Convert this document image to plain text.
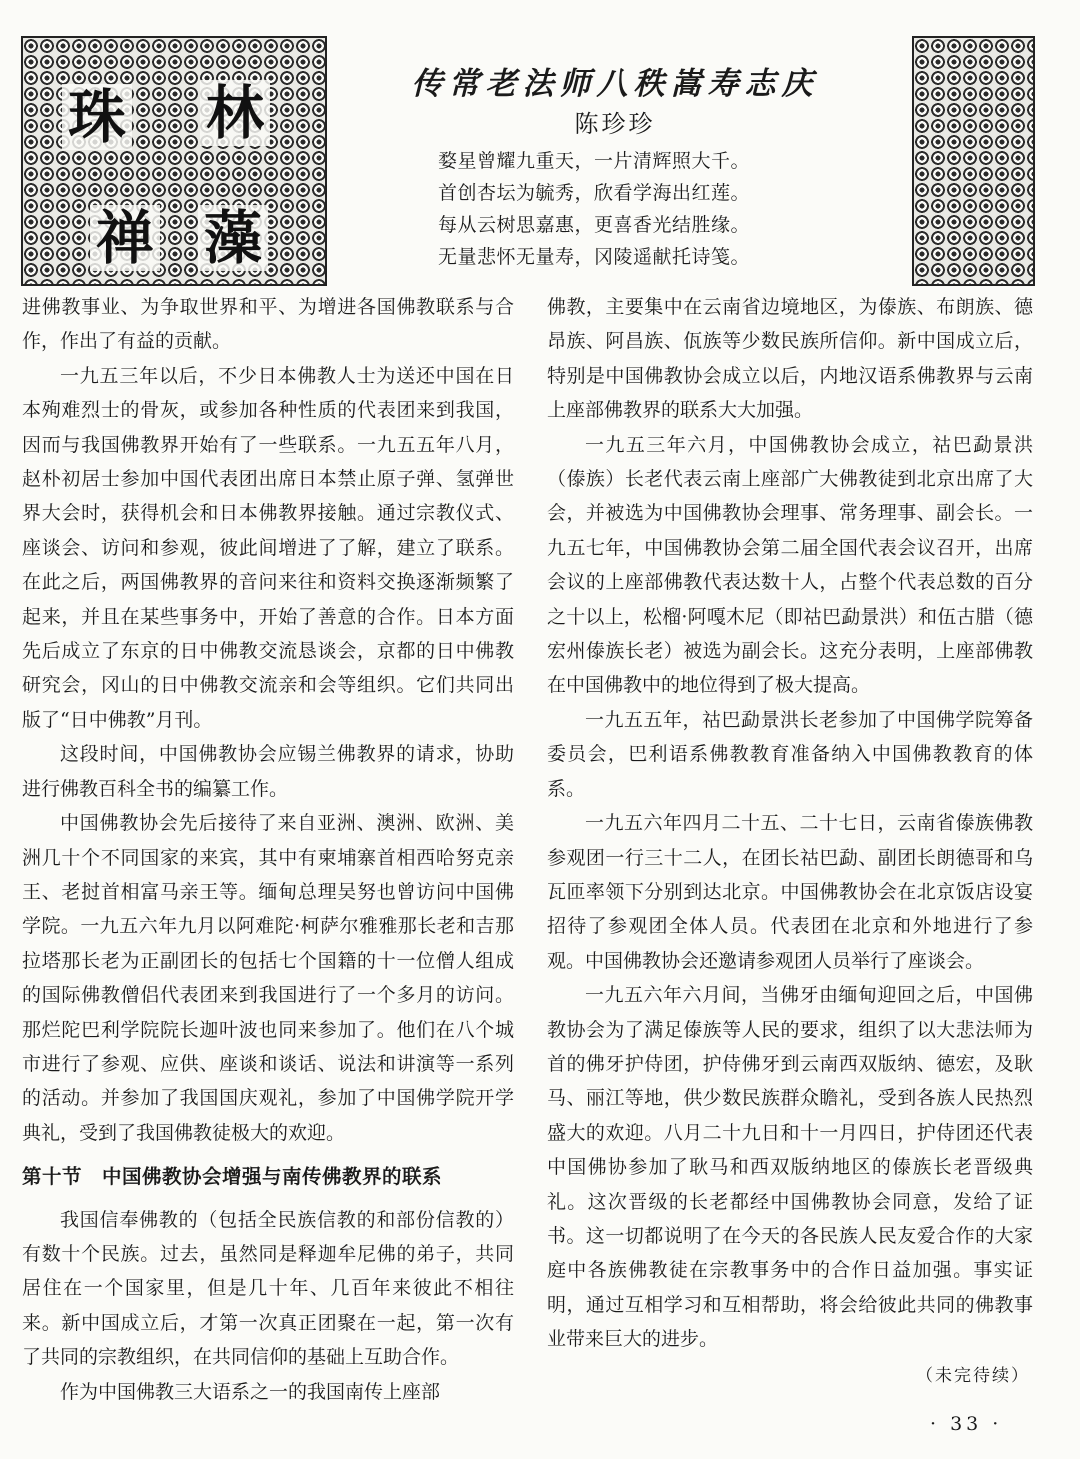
珠 林
禅 藻
传常老法师八秩嵩寿志庆
陈珍珍
婺星曾耀九重天，一片清辉照大千。
首创杏坛为毓秀，欣看学海出红莲。
每从云树思嘉惠，更喜香光结胜缘。
无量悲怀无量寿，冈陵遥献托诗笺。

进佛教事业、为争取世界和平、为增进各国佛教联系与合作，作出了有益的贡献。

一九五三年以后，不少日本佛教人士为送还中国在日本殉难烈士的骨灰，或参加各种性质的代表团来到我国，因而与我国佛教界开始有了一些联系。一九五五年八月，赵朴初居士参加中国代表团出席日本禁止原子弹、氢弹世界大会时，获得机会和日本佛教界接触。通过宗教仪式、座谈会、访问和参观，彼此间增进了了解，建立了联系。在此之后，两国佛教界的音问来往和资料交换逐渐频繁了起来，并且在某些事务中，开始了善意的合作。日本方面先后成立了东京的日中佛教交流恳谈会，京都的日中佛教研究会，冈山的日中佛教交流亲和会等组织。它们共同出版了“日中佛教”月刊。

这段时间，中国佛教协会应锡兰佛教界的请求，协助进行佛教百科全书的编纂工作。

中国佛教协会先后接待了来自亚洲、澳洲、欧洲、美洲几十个不同国家的来宾，其中有柬埔寨首相西哈努克亲王、老挝首相富马亲王等。缅甸总理吴努也曾访问中国佛学院。一九五六年九月以阿难陀·柯萨尔雅雅那长老和吉那拉塔那长老为正副团长的包括七个国籍的十一位僧人组成的国际佛教僧侣代表团来到我国进行了一个多月的访问。那烂陀巴利学院院长迦叶波也同来参加了。他们在八个城市进行了参观、应供、座谈和谈话、说法和讲演等一系列的活动。并参加了我国国庆观礼，参加了中国佛学院开学典礼，受到了我国佛教徒极大的欢迎。

第十节　中国佛教协会增强与南传佛教界的联系

我国信奉佛教的（包括全民族信教的和部份信教的）有数十个民族。过去，虽然同是释迦牟尼佛的弟子，共同居住在一个国家里，但是几十年、几百年来彼此不相往来。新中国成立后，才第一次真正团聚在一起，第一次有了共同的宗教组织，在共同信仰的基础上互助合作。

作为中国佛教三大语系之一的我国南传上座部

佛教，主要集中在云南省边境地区，为傣族、布朗族、德昂族、阿昌族、佤族等少数民族所信仰。新中国成立后，特别是中国佛教协会成立以后，内地汉语系佛教界与云南上座部佛教界的联系大大加强。

一九五三年六月，中国佛教协会成立，祜巴勐景洪（傣族）长老代表云南上座部广大佛教徒到北京出席了大会，并被选为中国佛教协会理事、常务理事、副会长。一九五七年，中国佛教协会第二届全国代表会议召开，出席会议的上座部佛教代表达数十人，占整个代表总数的百分之十以上，松榴·阿嘎木尼（即祜巴勐景洪）和伍古腊（德宏州傣族长老）被选为副会长。这充分表明，上座部佛教在中国佛教中的地位得到了极大提高。

一九五五年，祜巴勐景洪长老参加了中国佛学院筹备委员会，巴利语系佛教教育准备纳入中国佛教教育的体系。

一九五六年四月二十五、二十七日，云南省傣族佛教参观团一行三十二人，在团长祜巴勐、副团长朗德哥和乌瓦匝率领下分别到达北京。中国佛教协会在北京饭店设宴招待了参观团全体人员。代表团在北京和外地进行了参观。中国佛教协会还邀请参观团人员举行了座谈会。

一九五六年六月间，当佛牙由缅甸迎回之后，中国佛教协会为了满足傣族等人民的要求，组织了以大悲法师为首的佛牙护侍团，护侍佛牙到云南西双版纳、德宏，及耿马、丽江等地，供少数民族群众瞻礼，受到各族人民热烈盛大的欢迎。八月二十九日和十一月四日，护侍团还代表中国佛协参加了耿马和西双版纳地区的傣族长老晋级典礼。这次晋级的长老都经中国佛教协会同意，发给了证书。这一切都说明了在今天的各民族人民友爱合作的大家庭中各族佛教徒在宗教事务中的合作日益加强。事实证明，通过互相学习和互相帮助，将会给彼此共同的佛教事业带来巨大的进步。

（未完待续）
· 33 ·
